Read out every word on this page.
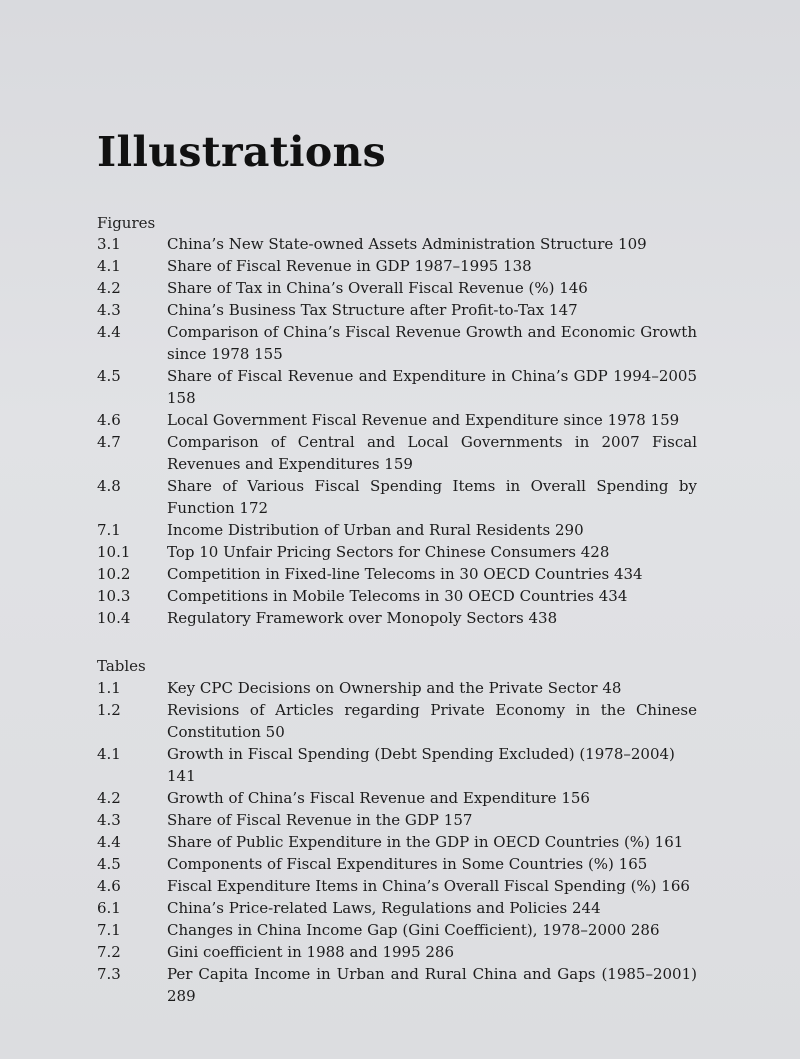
Illustrations
Figures
3.1	China’s New State-owned Assets Administration Structure 109
4.1	Share of Fiscal Revenue in GDP 1987–1995 138
4.2	Share of Tax in China’s Overall Fiscal Revenue (%) 146
4.3	China’s Business Tax Structure after Profit-to-Tax 147
4.4	Comparison of China’s Fiscal Revenue Growth and Economic Growth since 1978 155
4.5	Share of Fiscal Revenue and Expenditure in China’s GDP 1994–2005 158
4.6	Local Government Fiscal Revenue and Expenditure since 1978 159
4.7	Comparison of Central and Local Governments in 2007 Fiscal Revenues and Expenditures 159
4.8	Share of Various Fiscal Spending Items in Overall Spending by Function 172
7.1	Income Distribution of Urban and Rural Residents 290
10.1	Top 10 Unfair Pricing Sectors for Chinese Consumers 428
10.2	Competition in Fixed-line Telecoms in 30 OECD Countries 434
10.3	Competitions in Mobile Telecoms in 30 OECD Countries 434
10.4	Regulatory Framework over Monopoly Sectors 438
Tables
1.1	Key CPC Decisions on Ownership and the Private Sector 48
1.2	Revisions of Articles regarding Private Economy in the Chinese Constitution 50
4.1	Growth in Fiscal Spending (Debt Spending Excluded) (1978–2004) 141
4.2	Growth of China’s Fiscal Revenue and Expenditure 156
4.3	Share of Fiscal Revenue in the GDP 157
4.4	Share of Public Expenditure in the GDP in OECD Countries (%) 161
4.5	Components of Fiscal Expenditures in Some Countries (%) 165
4.6	Fiscal Expenditure Items in China’s Overall Fiscal Spending (%) 166
6.1	China’s Price-related Laws, Regulations and Policies 244
7.1	Changes in China Income Gap (Gini Coefficient), 1978–2000 286
7.2	Gini coefficient in 1988 and 1995 286
7.3	Per Capita Income in Urban and Rural China and Gaps (1985–2001) 289
